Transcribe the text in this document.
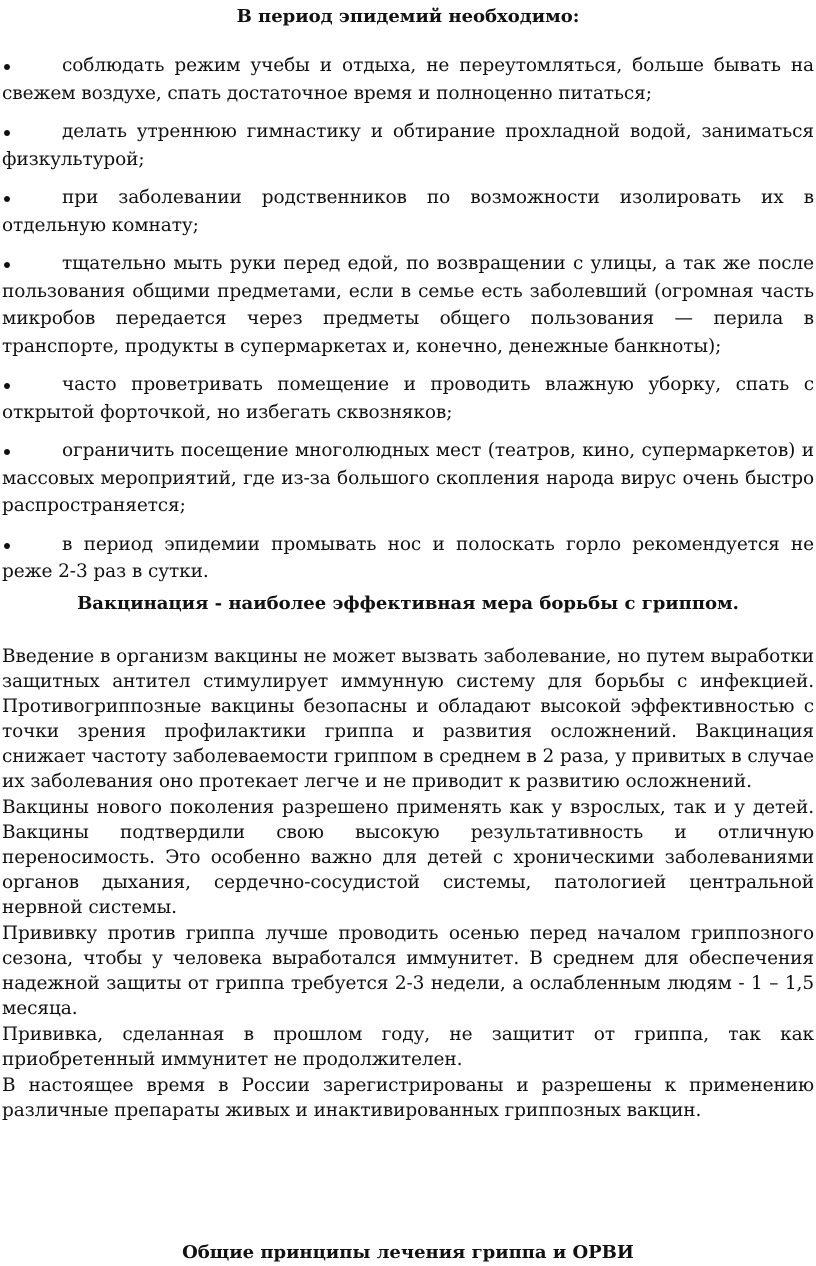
В период эпидемий необходимо:
соблюдать режим учебы и отдыха, не переутомляться, больше бывать на свежем воздухе, спать достаточное время и полноценно питаться;
делать утреннюю гимнастику и обтирание прохладной водой, заниматься физкультурой;
при заболевании родственников по возможности изолировать их в отдельную комнату;
тщательно мыть руки перед едой, по возвращении с улицы, а так же после пользования общими предметами, если в семье есть заболевший (огромная часть микробов передается через предметы общего пользования — перила в транспорте, продукты в супермаркетах и, конечно, денежные банкноты);
часто проветривать помещение и проводить влажную уборку, спать с открытой форточкой, но избегать сквозняков;
ограничить посещение многолюдных мест (театров, кино, супермаркетов) и массовых мероприятий, где из-за большого скопления народа вирус очень быстро распространяется;
в период эпидемии промывать нос и полоскать горло рекомендуется не реже 2-3 раз в сутки.
Вакцинация - наиболее эффективная мера борьбы с гриппом.

Введение в организм вакцины не может вызвать заболевание, но путем выработки защитных антител стимулирует иммунную систему для борьбы с инфекцией. Противогриппозные вакцины безопасны и обладают высокой эффективностью с точки зрения профилактики гриппа и развития осложнений. Вакцинация снижает частоту заболеваемости гриппом в среднем в 2 раза, у привитых в случае их заболевания оно протекает легче и не приводит к развитию осложнений.

Вакцины нового поколения разрешено применять как у взрослых, так и у детей. Вакцины подтвердили свою высокую результативность и отличную переносимость. Это особенно важно для детей с хроническими заболеваниями органов дыхания, сердечно-сосудистой системы, патологией центральной нервной системы.

Прививку против гриппа лучше проводить осенью перед началом гриппозного сезона, чтобы у человека выработался иммунитет. В среднем для обеспечения надежной защиты от гриппа требуется 2-3 недели, а ослабленным людям - 1 – 1,5 месяца.

Прививка, сделанная в прошлом году, не защитит от гриппа, так как приобретенный иммунитет не продолжителен.

В настоящее время в России зарегистрированы и разрешены к применению различные препараты живых и инактивированных гриппозных вакцин.

Общие принципы лечения гриппа и ОРВИ
